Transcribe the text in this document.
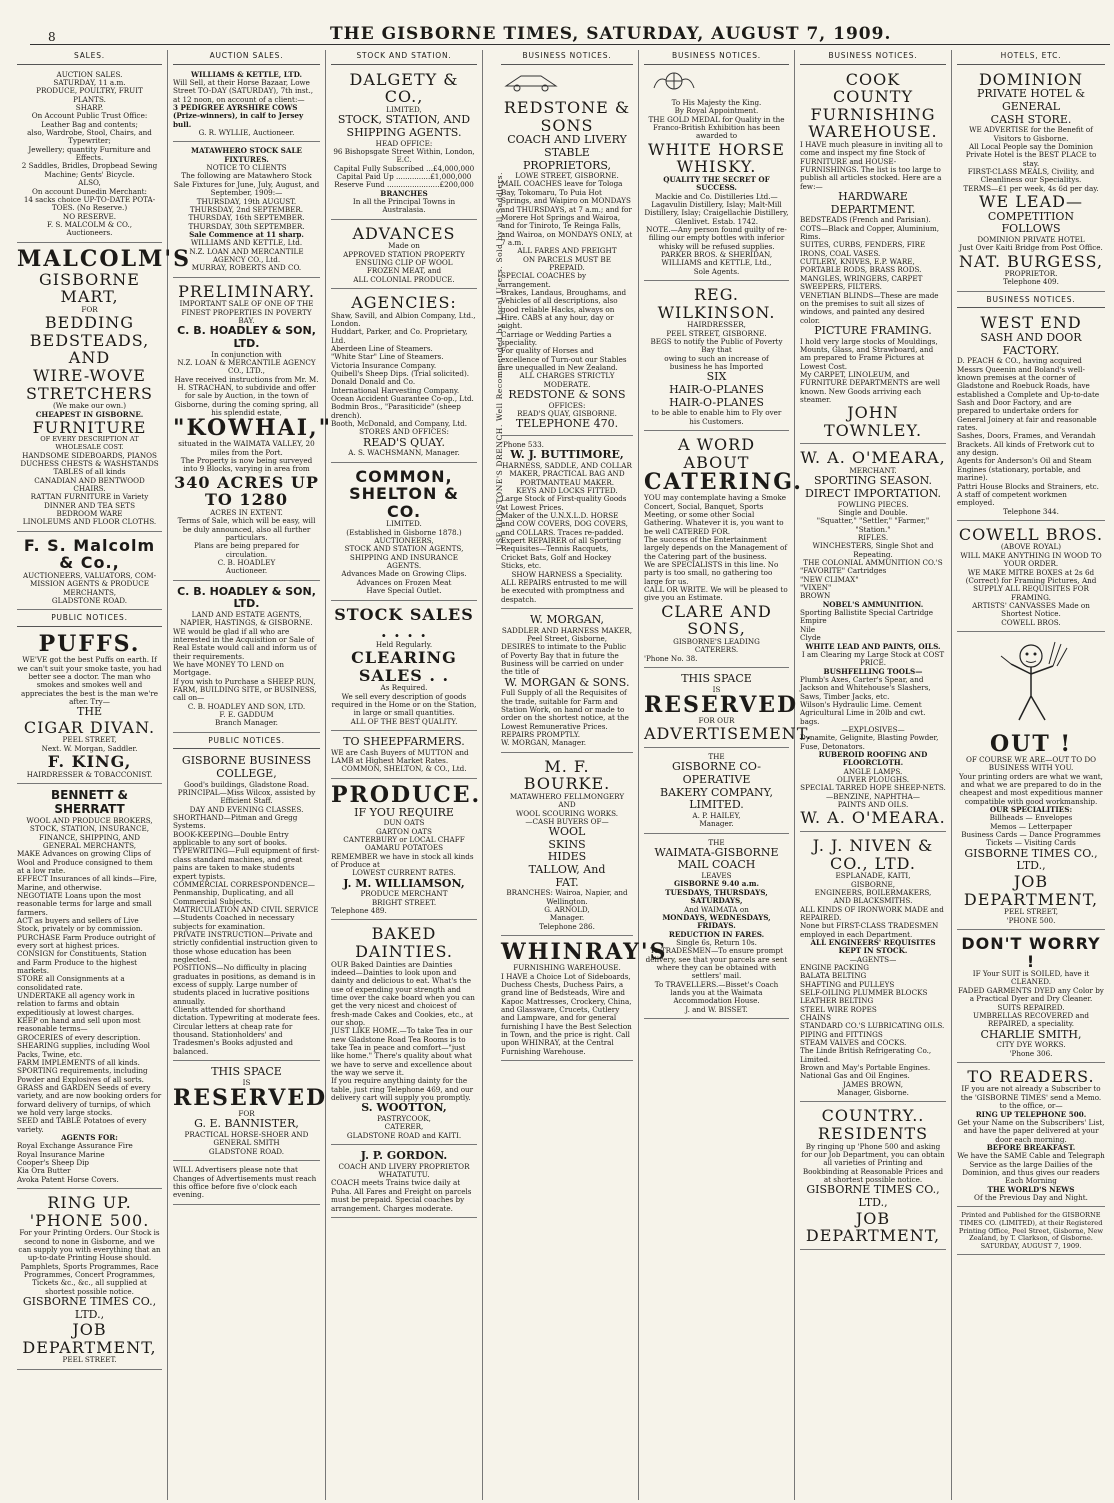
8	THE GISBORNE TIMES, SATURDAY, AUGUST 7, 1909.
SALES.
AUCTION SALES.
SATURDAY, 11 a.m.
PRODUCE, POULTRY, FRUIT
PLANTS.
SHARP.
On Account Public Trust Office:
Leather Bag and contents;
also, Wardrobe, Stool, Chairs, and
Typewriter;
Jewellery; quantity Furniture and Effects.
2 Saddles, Bridles, Dropbead Sewing
Machine; Gents' Bicycle.
ALSO,
On account Dunedin Merchant:
14 sacks choice UP-TO-DATE POTA-
TOES. (No Reserve.)
NO RESERVE.
F. S. MALCOLM & CO.,
Auctioneers.
MALCOLM'S
GISBORNE
MART,
FOR
BEDDING
BEDSTEADS, AND
WIRE-WOVE
STRETCHERS
(We make our own.)
CHEAPEST IN GISBORNE.
FURNITURE
OF EVERY DESCRIPTION AT WHOLESALE COST.
HANDSOME SIDEBOARDS, PIANOS
DUCHESS CHESTS & WASHSTANDS
TABLES of all kinds
CANADIAN AND BENTWOOD CHAIRS.
RATTAN FURNITURE in Variety
DINNER AND TEA SETS
BEDROOM WARE
LINOLEUMS AND FLOOR CLOTHS.
F. S. Malcolm & Co.,
AUCTIONEERS, VALUATORS, COM-
MISSION AGENTS & PRODUCE
MERCHANTS,
GLADSTONE ROAD.
PUBLIC NOTICES.
PUFFS.
WE'VE got the best Puffs on earth. If we can't suit your smoke taste, you had better see a doctor. The man who smokes and smokes well and appreciates the best is the man we're after. Try—
THE
CIGAR DIVAN.
PEEL STREET,
Next. W. Morgan, Saddler.
F. KING,
HAIRDRESSER & TOBACCONIST.
BENNETT & SHERRATT
WOOL AND PRODUCE BROKERS,
STOCK, STATION, INSURANCE,
FINANCE, SHIPPING, AND
GENERAL MERCHANTS,
MAKE Advances on growing Clips of Wool and Produce consigned to them at a low rate.
EFFECT Insurances of all kinds—Fire, Marine, and otherwise.
NEGOTIATE Loans upon the most reasonable terms for large and small farmers.
ACT as buyers and sellers of Live Stock, privately or by commission.
PURCHASE Farm Produce outright of every sort at highest prices.
CONSIGN for Constituents, Station and Farm Produce to the highest markets.
STORE all Consignments at a consolidated rate.
UNDERTAKE all agency work in relation to farms and obtain expeditiously at lowest charges.
KEEP on hand and sell upon most reasonable terms—
GROCERIES of every description.
SHEARING supplies, including Wool Packs, Twine, etc.
FARM IMPLEMENTS of all kinds.
SPORTING requirements, including Powder and Explosives of all sorts.
GRASS and GARDEN Seeds of every variety, and are now booking orders for forward delivery of turnips, of which we hold very large stocks.
SEED and TABLE Potatoes of every variety.
AGENTS FOR:
Royal Exchange Assurance Fire
Royal Insurance Marine
Cooper's Sheep Dip
Kia Ora Butter
Avoka Patent Horse Covers.
RING UP.
'PHONE 500.
For your Printing Orders. Our Stock is second to none in Gisborne, and we can supply you with everything that an up-to-date Printing House should.
Pamphlets, Sports Programmes, Race Programmes, Concert Programmes, Tickets &c., &c., all supplied at shortest possible notice.
GISBORNE TIMES CO., LTD.,
JOB DEPARTMENT,
PEEL STREET.
AUCTION SALES.
WILLIAMS & KETTLE, LTD.
Will Sell, at their Horse Bazaar, Lowe Street TO-DAY (SATURDAY), 7th inst., at 12 noon, on account of a client:—
3 PEDIGREE AYRSHIRE COWS (Prize-winners), in calf to Jersey bull.
G. R. WYLLIE, Auctioneer.
MATAWHERO STOCK SALE FIXTURES.
NOTICE TO CLIENTS
The following are Matawhero Stock Sale Fixtures for June, July, August, and September, 1909:—
THURSDAY, 19th AUGUST.
THURSDAY, 2nd SEPTEMBER.
THURSDAY, 16th SEPTEMBER.
THURSDAY, 30th SEPTEMBER.
Sale Commence at 11 sharp.
WILLIAMS AND KETTLE, Ltd.
N.Z. LOAN AND MERCANTILE AGENCY CO., Ltd.
MURRAY, ROBERTS AND CO.
PRELIMINARY.
IMPORTANT SALE OF ONE OF THE FINEST PROPERTIES IN POVERTY BAY.
C. B. HOADLEY & SON, LTD.
In conjunction with
N.Z. LOAN & MERCANTILE AGENCY CO., LTD.,
Have received instructions from Mr. M. H. STRACHAN, to subdivide and offer for sale by Auction, in the town of Gisborne, during the coming spring, all his splendid estate,
"KOWHAI,"
situated in the WAIMATA VALLEY, 20 miles from the Port.
The Property is now being surveyed into 9 Blocks, varying in area from
340 ACRES UP TO 1280
ACRES IN EXTENT.
Terms of Sale, which will be easy, will be duly announced, also all further particulars.
Plans are being prepared for circulation.
C. B. HOADLEY
Auctioneer.
C. B. HOADLEY & SON, LTD.
LAND AND ESTATE AGENTS,
NAPIER, HASTINGS, & GISBORNE.
WE would be glad if all who are interested in the Acquisition or Sale of Real Estate would call and inform us of their requirements.
We have MONEY TO LEND on Mortgage.
If you wish to Purchase a SHEEP RUN, FARM, BUILDING SITE, or BUSINESS, call on—
C. B. HOADLEY AND SON, LTD.
F. E. GADDUM
Branch Manager.
PUBLIC NOTICES.
GISBORNE BUSINESS
COLLEGE,
Good's buildings, Gladstone Road.
PRINCIPAL—Miss Wilcox, assisted by Efficient Staff.
DAY AND EVENING CLASSES.
SHORTHAND—Pitman and Gregg Systems.
BOOK-KEEPING—Double Entry applicable to any sort of books.
TYPEWRITING—Full equipment of first-class standard machines, and great pains are taken to make students expert typists.
COMMERCIAL CORRESPONDENCE—Penmanship, Duplicating, and all Commercial Subjects.
MATRICULATION AND CIVIL SERVICE—Students Coached in necessary subjects for examination.
PRIVATE INSTRUCTION—Private and strictly confidential instruction given to those whose education has been neglected.
POSITIONS—No difficulty in placing graduates in positions, as demand is in excess of supply. Large number of students placed in lucrative positions annually.
Clients attended for shorthand dictation. Typewriting at moderate fees. Circular letters at cheap rate for thousand. Stationholders' and Tradesmen's Books adjusted and balanced.
THIS SPACE
IS
RESERVED
FOR
G. E. BANNISTER,
PRACTICAL HORSE-SHOER AND
GENERAL SMITH
GLADSTONE ROAD.
WILL Advertisers please note that Changes of Advertisements must reach this office before five o'clock each evening.
STOCK AND STATION.
DALGETY & CO.,
LIMITED,
STOCK, STATION, AND
SHIPPING AGENTS.
HEAD OFFICE:
96 Bishopsgate Street Within, London, E.C.
Capital Fully Subscribed ...£4,000,000
Capital Paid Up ...............£1,000,000
Reserve Fund .......................£200,000
BRANCHES
In all the Principal Towns in Australasia.
ADVANCES
Made on
APPROVED STATION PROPERTY
ENSUING CLIP OF WOOL
FROZEN MEAT, and
ALL COLONIAL PRODUCE.
AGENCIES:
Shaw, Savill, and Albion Company, Ltd., London.
Huddart, Parker, and Co. Proprietary, Ltd.
Aberdeen Line of Steamers.
"White Star" Line of Steamers.
Victoria Insurance Company.
Quibell's Sheep Dips. (Trial solicited).
Donald Donald and Co.
International Harvesting Company.
Ocean Accident Guarantee Co-op., Ltd.
Bodmin Bros., "Parasiticide" (sheep drench).
Booth, McDonald, and Company, Ltd.
STORES AND OFFICES:
READ'S QUAY.
A. S. WACHSMANN, Manager.
COMMON, SHELTON & CO.
LIMITED.
(Established in Gisborne 1878.)
AUCTIONEERS,
STOCK AND STATION AGENTS,
SHIPPING AND INSURANCE
AGENTS.
Advances Made on Growing Clips.
Advances on Frozen Meat
Have Special Outlet.
STOCK SALES . . . .
Held Regularly.
CLEARING SALES . .
As Required.
We sell every description of goods required in the Home or on the Station, in large or small quantities.
ALL OF THE BEST QUALITY.
TO SHEEPFARMERS.
WE are Cash Buyers of MUTTON and LAMB at Highest Market Rates.
COMMON, SHELTON, & CO., Ltd.
PRODUCE.
IF YOU REQUIRE
DUN OATS
GARTON OATS
CANTERBURY or LOCAL CHAFF
OAMARU POTATOES
REMEMBER we have in stock all kinds of Produce at
LOWEST CURRENT RATES.
J. M. WILLIAMSON,
PRODUCE MERCHANT
BRIGHT STREET.
Telephone 489.
BAKED DAINTIES.
OUR Baked Dainties are Dainties indeed—Dainties to look upon and dainty and delicious to eat. What's the use of expending your strength and time over the cake board when you can get the very nicest and choicest of fresh-made Cakes and Cookies, etc., at our shop.
JUST LIKE HOME.—To take Tea in our new Gladstone Road Tea Rooms is to take Tea in peace and comfort—"just like home." There's quality about what we have to serve and excellence about the way we serve it.
If you require anything dainty for the table, just ring Telephone 469, and our delivery cart will supply you promptly.
S. WOOTTON,
PASTRYCOOK,
CATERER,
GLADSTONE ROAD and KAITI.
J. P. GORDON.
COACH AND LIVERY PROPRIETOR
WHATATUTU.
COACH meets Trains twice daily at Puha. All Fares and Freight on parcels must be prepaid. Special coaches by arrangement. Charges moderate.
BUSINESS NOTICES.
USE REDSTONE'S DRENCH. Well Recommended by Local Users. Sold by all Saddlers.
REDSTONE & SONS
COACH AND LIVERY STABLE
PROPRIETORS,
LOWE STREET, GISBORNE.
MAIL COACHES leave for Tologa Bay, Tokomaru, To Puia Hot Springs, and Waipiro on MONDAYS and THURSDAYS, at 7 a.m.; and for Morere Hot Springs and Wairoa, and for Tiniroto, Te Reinga Falls, and Wairoa, on MONDAYS ONLY, at 7 a.m.
ALL FARES AND FREIGHT
ON PARCELS MUST BE
PREPAID.
SPECIAL COACHES by arrangement.
Brakes, Landaus, Broughams, and Vehicles of all descriptions, also good reliable Hacks, always on Hire. CABS at any hour, day or night.
Carriage or Wedding Parties a speciality.
For quality of Horses and excellence of Turn-out our Stables are unequalled in New Zealand.
ALL CHARGES STRICTLY
MODERATE.
REDSTONE & SONS
OFFICES:
READ'S QUAY, GISBORNE.
TELEPHONE 470.
'Phone 533.
W. J. BUTTIMORE,
HARNESS, SADDLE, AND COLLAR MAKER, PRACTICAL BAG AND PORTMANTEAU MAKER.
KEYS AND LOCKS FITTED.
Large Stock of First-quality Goods at Lowest Prices.
Maker of the U.N.X.L.D. HORSE and COW COVERS, DOG COVERS, and COLLARS. Traces re-padded.
Expert REPAIRER of all Sporting Requisites—Tennis Racquets, Cricket Bats, Golf and Hockey Sticks, etc.
SHOW HARNESS a Speciality.
ALL REPAIRS entrusted to me will be executed with promptness and despatch.
W. MORGAN,
SADDLER AND HARNESS MAKER,
Peel Street, Gisborne,
DESIRES to intimate to the Public of Poverty Bay that in future the Business will be carried on under the title of
W. MORGAN & SONS.
Full Supply of all the Requisites of the trade, suitable for Farm and Station Work, on hand or made to order on the shortest notice, at the Lowest Remunerative Prices.
REPAIRS PROMPTLY.
W. MORGAN, Manager.
M. F. BOURKE.
MATAWHERO FELLMONGERY
AND
WOOL SCOURING WORKS.
—CASH BUYERS OF—
WOOL
SKINS
HIDES
TALLOW, And
FAT.
BRANCHES: Wairoa, Napier, and Wellington.
G. ARNOLD,
Manager.
Telephone 286.
WHINRAY'S
FURNISHING WAREHOUSE.
I HAVE a Choice Lot of Sideboards, Duchess Chests, Duchess Pairs, a grand line of Bedsteads, Wire and Kapoc Mattresses, Crockery, China, and Glassware, Crucets, Cutlery and Lampware, and for general furnishing I have the Best Selection in Town, and the price is right. Call upon WHINRAY, at the Central Furnishing Warehouse.
BUSINESS NOTICES.
To His Majesty the King.
By Royal Appointment.
THE GOLD MEDAL for Quality in the Franco-British Exhibition has been awarded to
WHITE HORSE
WHISKY.
QUALITY THE SECRET OF SUCCESS.
Mackie and Co. Distilleries Ltd.—Lagavulin Distillery, Islay; Malt-Mill Distillery, Islay; Craigellachie Distillery, Glenlivet. Estab. 1742.
NOTE.—Any person found guilty of re-filling our empty bottles with inferior whisky will be refused supplies.
PARKER BROS. & SHERIDAN,
WILLIAMS and KETTLE, Ltd.,
Sole Agents.
REG. WILKINSON.
HAIRDRESSER,
PEEL STREET, GISBORNE.
BEGS to notify the Public of Poverty Bay that
owing to such an increase of
business he has Imported
SIX
HAIR-O-PLANES
HAIR-O-PLANES
to be able to enable him to Fly over
his Customers.
A WORD ABOUT
CATERING.
YOU may contemplate having a Smoke Concert, Social, Banquet, Sports Meeting, or some other Social Gathering. Whatever it is, you want to be well CATERED FOR.
The success of the Entertainment largely depends on the Management of the Catering part of the business.
We are SPECIALISTS in this line. No party is too small, no gathering too large for us.
CALL OR WRITE. We will be pleased to give you an Estimate.
CLARE AND SONS,
GISBORNE'S LEADING
CATERERS.
'Phone No. 38.
THIS SPACE
IS
RESERVED
FOR OUR
ADVERTISEMENT.
THE
GISBORNE CO-OPERATIVE
BAKERY COMPANY,
LIMITED.
A. P. HAILEY,
Manager.
THE
WAIMATA-GISBORNE
MAIL COACH
LEAVES
GISBORNE 9.40 a.m.
TUESDAYS, THURSDAYS,
SATURDAYS,
And WAIMATA on
MONDAYS, WEDNESDAYS,
FRIDAYS.
REDUCTION IN FARES.
Single 6s, Return 10s.
To TRADESMEN—To ensure prompt delivery, see that your parcels are sent where they can be obtained with settlers' mail.
To TRAVELLERS.—Bisset's Coach lands you at the Waimata Accommodation House.
J. and W. BISSET.
BUSINESS NOTICES.
COOK
COUNTY
FURNISHING
WAREHOUSE.
I HAVE much pleasure in inviting all to come and inspect my fine Stock of FURNITURE and HOUSE-FURNISHINGS. The list is too large to publish all articles stocked. Here are a few:—
HARDWARE DEPARTMENT.
BEDSTEADS (French and Parisian).
COTS—Black and Copper, Aluminium, Rims.
SUITES, CURBS, FENDERS, FIRE IRONS, COAL VASES.
CUTLERY, KNIVES, E.P. WARE, PORTABLE RODS, BRASS RODS.
MANGLES, WRINGERS, CARPET SWEEPERS, FILTERS.
VENETIAN BLINDS—These are made on the premises to suit all sizes of windows, and painted any desired color.
PICTURE FRAMING.
I hold very large stocks of Mouldings, Mounts, Glass, and Strawboard, and am prepared to Frame Pictures at Lowest Cost.
My CARPET, LINOLEUM, and FURNITURE DEPARTMENTS are well known. New Goods arriving each steamer.
JOHN TOWNLEY.
W. A. O'MEARA,
MERCHANT.
SPORTING SEASON.
DIRECT IMPORTATION.
FOWLING PIECES.
Single and Double.
"Squatter," "Settler," "Farmer," "Station."
RIFLES.
WINCHESTERS, Single Shot and Repeating.
THE COLONIAL AMMUNITION CO.'S
"FAVORITE" Cartridges
"NEW CLIMAX"
"VIXEN"
BROWN
NOBEL'S AMMUNITION.
Sporting Ballistite Special Cartridge
Empire
Nile
Clyde
WHITE LEAD AND PAINTS, OILS.
I am Clearing my Large Stock at COST PRICE.
BUSHFELLING TOOLS—
Plumb's Axes, Carter's Spear, and Jackson and Whitehouse's Slashers, Saws, Timber Jacks, etc.
Wilson's Hydraulic Lime. Cement Agricultural Lime in 20lb and cwt. bags.
—EXPLOSIVES—
Dynamite, Gelignite, Blasting Powder, Fuse, Detonators.
RUBEROID ROOFING AND FLOORCLOTH.
ANGLE LAMPS.
OLIVER PLOUGHS.
SPECIAL TARRED HOPE SHEEP-NETS.
—BENZINE, NAPHTHA—
PAINTS AND OILS.
W. A. O'MEARA.
J. J. NIVEN & CO., LTD.
ESPLANADE, KAITI,
GISBORNE,
ENGINEERS, BOILERMAKERS,
AND BLACKSMITHS.
ALL KINDS OF IRONWORK MADE and REPAIRED.
None but FIRST-CLASS TRADESMEN employed in each Department.
ALL ENGINEERS' REQUISITES KEPT IN STOCK.
—AGENTS—
ENGINE PACKING
BALATA BELTING
SHAFTING and PULLEYS
SELF-OILING PLUMMER BLOCKS
LEATHER BELTING
STEEL WIRE ROPES
CHAINS
STANDARD CO.'S LUBRICATING OILS.
PIPING and FITTINGS
STEAM VALVES and COCKS.
The Linde British Refrigerating Co., Limited.
Brown and May's Portable Engines.
National Gas and Oil Engines.
JAMES BROWN,
Manager, Gisborne.
COUNTRY..
RESIDENTS
By ringing up 'Phone 500 and asking for our Job Department, you can obtain all varieties of Printing and Bookbinding at Reasonable Prices and at shortest possible notice.
GISBORNE TIMES CO., LTD.,
JOB DEPARTMENT,
HOTELS, ETC.
DOMINION
PRIVATE HOTEL & GENERAL
CASH STORE.
WE ADVERTISE for the Benefit of Visitors to Gisborne.
All Local People say the Dominion Private Hotel is the BEST PLACE to stay.
FIRST-CLASS MEALS, Civility, and Cleanliness our Specialitys.
TERMS—£1 per week, 4s 6d per day.
WE LEAD—
COMPETITION FOLLOWS
DOMINION PRIVATE HOTEL
Just Over Kaiti Bridge from Post Office.
NAT. BURGESS,
PROPRIETOR.
Telephone 409.
BUSINESS NOTICES.
WEST END
SASH AND DOOR FACTORY.
D. PEACH & CO., having acquired Messrs Queenin and Boland's well-known premises at the corner of Gladstone and Roebuck Roads, have established a Complete and Up-to-date Sash and Door Factory, and are prepared to undertake orders for General Joinery at fair and reasonable rates.
Sashes, Doors, Frames, and Verandah Brackets. All kinds of Fretwork cut to any design.
Agents for Anderson's Oil and Steam Engines (stationary, portable, and marine).
Pattri House Blocks and Strainers, etc.
A staff of competent workmen employed.
Telephone 344.
COWELL BROS.
(ABOVE ROYAL)
WILL MAKE ANYTHING IN WOOD TO YOUR ORDER.
WE MAKE MITRE BOXES at 2s 6d (Correct) for Framing Pictures, And
SUPPLY ALL REQUISITES FOR FRAMING.
ARTISTS' CANVASSES Made on Shortest Notice.
COWELL BROS.
OUT !
OF COURSE WE ARE—OUT TO DO BUSINESS WITH YOU.
Your printing orders are what we want, and what we are prepared to do in the cheapest and most expeditious manner compatible with good workmanship.
OUR SPECIALITIES:
Billheads — Envelopes
Memos — Letterpaper
Business Cards — Dance Programmes
Tickets — Visiting Cards
GISBORNE TIMES CO., LTD.,
JOB DEPARTMENT,
PEEL STREET,
'PHONE 500.
DON'T WORRY !
IF Your SUIT is SOILED, have it CLEANED.
FADED GARMENTS DYED any Color by a Practical Dyer and Dry Cleaner.
SUITS REPAIRED.
UMBRELLAS RECOVERED and REPAIRED, a speciality.
CHARLIE SMITH,
CITY DYE WORKS.
'Phone 306.
TO READERS.
IF you are not already a Subscriber to the 'GISBORNE TIMES' send a Memo. to the office, or—
RING UP TELEPHONE 500.
Get your Name on the Subscribers' List, and have the paper delivered at your door each morning.
BEFORE BREAKFAST.
We have the SAME Cable and Telegraph Service as the large Dailies of the Dominion, and thus gives our readers Each Morning
THE WORLD'S NEWS
Of the Previous Day and Night.
Printed and Published for the GISBORNE TIMES CO. (LIMITED), at their Registered Printing Office, Peel Street, Gisborne, New Zealand, by T. Clarkson, of Gisborne. SATURDAY, AUGUST 7, 1909.
